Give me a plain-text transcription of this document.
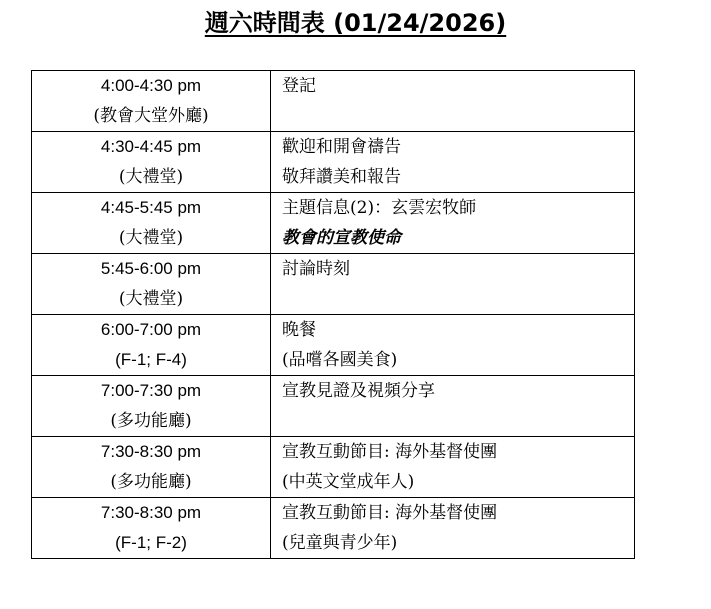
週六時間表 (01/24/2026)
4:00-4:30 pm
(教會大堂外廳)	登記

4:30-4:45 pm
(大禮堂)	歡迎和開會禱告
敬拜讚美和報告

4:45-5:45 pm
(大禮堂)	主題信息(2)：玄雲宏牧師
教會的宣教使命

5:45-6:00 pm
(大禮堂)	討論時刻

6:00-7:00 pm
(F-1; F-4)	晚餐
(品嚐各國美食)

7:00-7:30 pm
(多功能廳)	宣教見證及視頻分享

7:30-8:30 pm
(多功能廳)	宣教互動節目: 海外基督使團
(中英文堂成年人)

7:30-8:30 pm
(F-1; F-2)	宣教互動節目: 海外基督使團
(兒童與青少年)
